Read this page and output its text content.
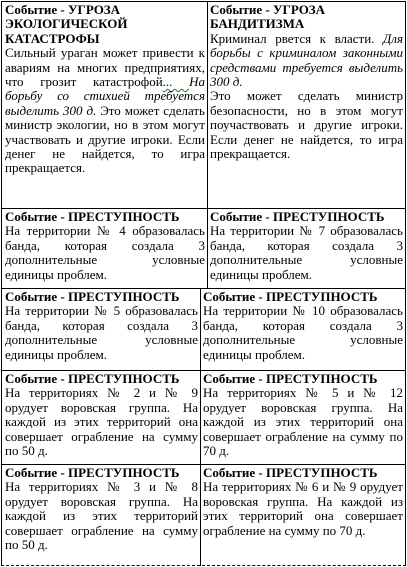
Событие - УГРОЗА ЭКОЛОГИЧЕСКОЙ КАТАСТРОФЫ
Сильный ураган может привести к авариям на многих предприятиях, что грозит катастрофой... На борьбу со стихией требуется выделить 300 д. Это может сделать министр экологии, но в этом могут участвовать и другие игроки. Если денег не найдется, то игра прекращается.
Событие - УГРОЗА БАНДИТИЗМА
Криминал рвется к власти. Для борьбы с криминалом законными средствами требуется выделить 300 д.
Это может сделать министр безопасности, но в этом могут поучаствовать и другие игроки. Если денег не найдется, то игра прекращается.
Событие - ПРЕСТУПНОСТЬ
На территории № 4 образовалась банда, которая создала 3 дополнительные условные единицы проблем.
Событие - ПРЕСТУПНОСТЬ
На территории № 7 образовалась банда, которая создала 3 дополнительные условные единицы проблем.
Событие - ПРЕСТУПНОСТЬ
На территории № 5 образовалась банда, которая создала 3 дополнительные условные единицы проблем.
Событие - ПРЕСТУПНОСТЬ
На территории № 10 образовалась банда, которая создала 3 дополнительные условные единицы проблем.
Событие - ПРЕСТУПНОСТЬ
На территориях № 2 и № 9 орудует воровская группа. На каждой из этих территорий она совершает ограбление на сумму по 50 д.
Событие - ПРЕСТУПНОСТЬ
На территориях № 5 и № 12 орудует воровская группа. На каждой из этих территорий она совершает ограбление на сумму по 70 д.
Событие - ПРЕСТУПНОСТЬ
На территориях № 3 и № 8 орудует воровская группа. На каждой из этих территорий совершает ограбление на сумму по 50 д.
Событие - ПРЕСТУПНОСТЬ
На территориях № 6 и № 9 орудует воровская группа. На каждой из этих территорий она совершает ограбление на сумму по 70 д.
